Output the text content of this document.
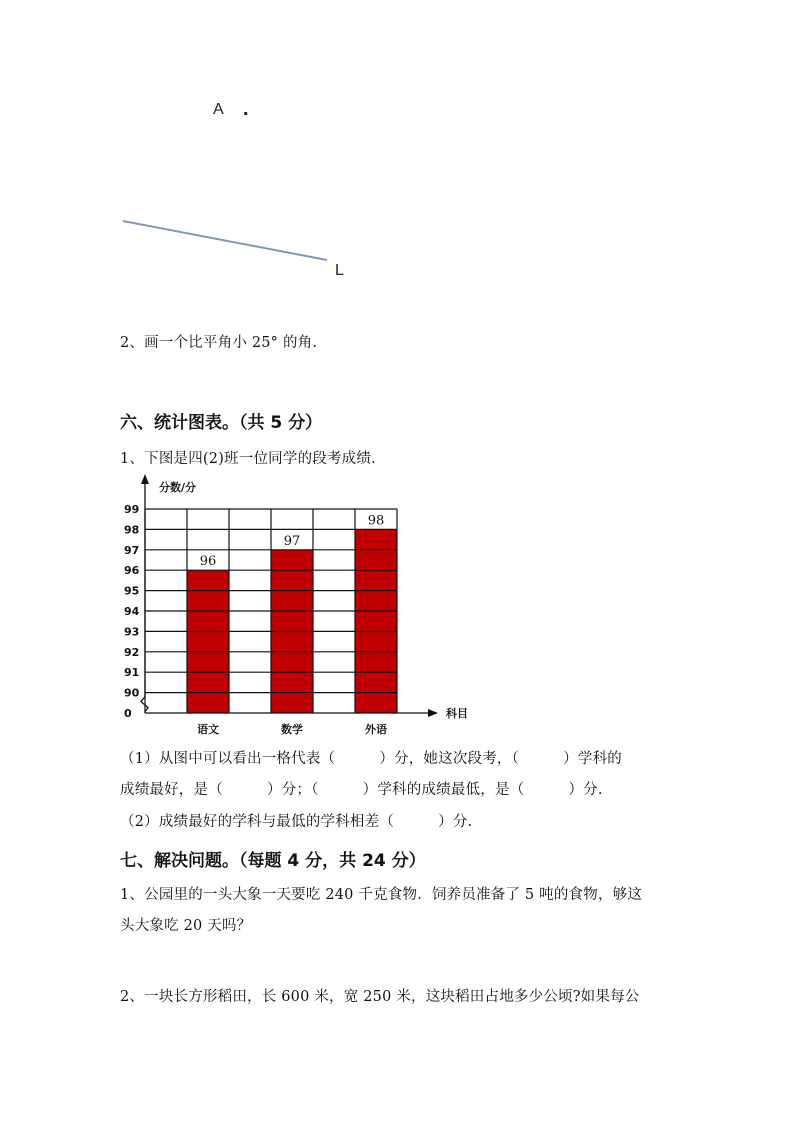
A .
L
2、画一个比平角小 25° 的角.
六、统计图表。（共 5 分）
1、下图是四(2)班一位同学的段考成绩.
分数/分
科目
0
90
91
92
93
94
95
96
97
98
99
96
97
98
语文	数学	外语
（1）从图中可以看出一格代表（　　　）分，她这次段考，（　　　）学科的
成绩最好，是（　　　）分；（　　　）学科的成绩最低，是（　　　）分.
（2）成绩最好的学科与最低的学科相差（　　　）分.
七、解决问题。（每题 4 分，共 24 分）
1、公园里的一头大象一天要吃 240 千克食物．饲养员准备了 5 吨的食物，够这
头大象吃 20 天吗？
2、一块长方形稻田，长 600 米，宽 250 米，这块稻田占地多少公顷?如果每公
